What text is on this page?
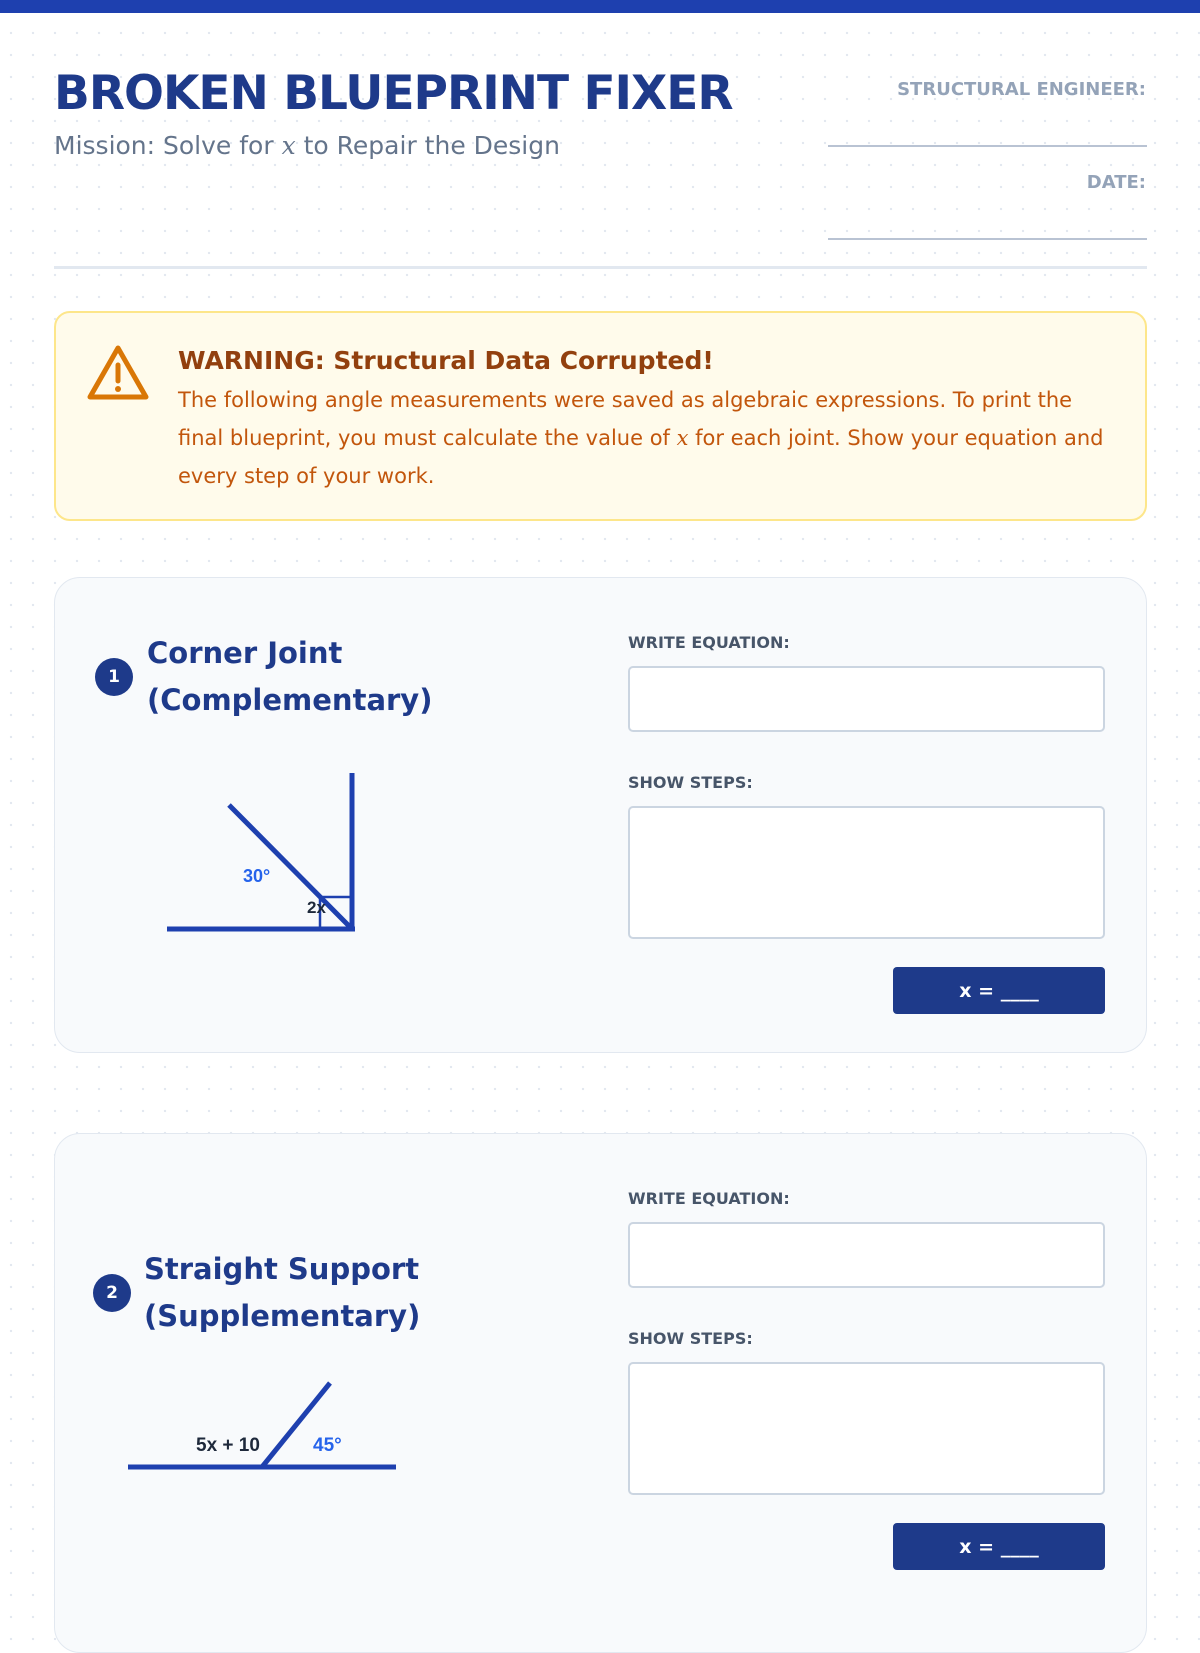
BROKEN BLUEPRINT FIXER
Mission: Solve for x to Repair the Design
STRUCTURAL ENGINEER:
DATE:
WARNING: Structural Data Corrupted!

The following angle measurements were saved as algebraic expressions. To print the final blueprint, you must calculate the value of x for each joint. Show your equation and every step of your work.

1
Corner Joint (Complementary)
30°
2x
WRITE EQUATION:
SHOW STEPS:
x = ____
2
Straight Support (Supplementary)
5x + 10	45°
WRITE EQUATION:
SHOW STEPS:
x = ____
